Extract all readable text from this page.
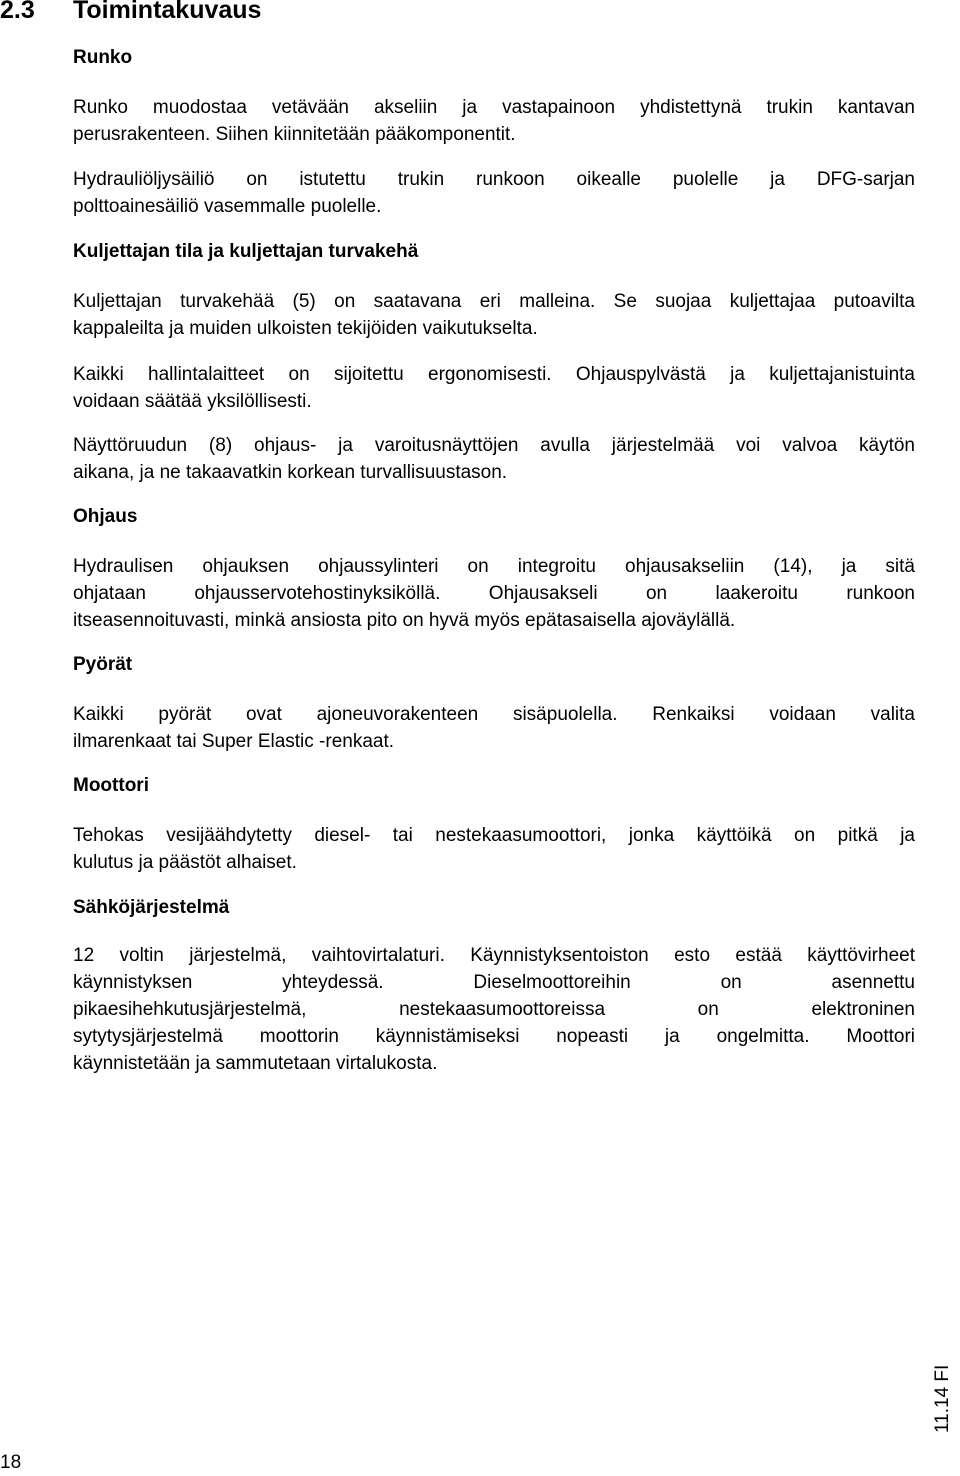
2.3 Toimintakuvaus
Runko
Runko muodostaa vetävään akseliin ja vastapainoon yhdistettynä trukin kantavan
perusrakenteen. Siihen kiinnitetään pääkomponentit.
Hydrauliöljysäiliö on istutettu trukin runkoon oikealle puolelle ja DFG-sarjan
polttoainesäiliö vasemmalle puolelle.
Kuljettajan tila ja kuljettajan turvakehä
Kuljettajan turvakehää (5) on saatavana eri malleina. Se suojaa kuljettajaa putoavilta
kappaleilta ja muiden ulkoisten tekijöiden vaikutukselta.
Kaikki hallintalaitteet on sijoitettu ergonomisesti. Ohjauspylvästä ja kuljettajanistuinta
voidaan säätää yksilöllisesti.
Näyttöruudun (8) ohjaus- ja varoitusnäyttöjen avulla järjestelmää voi valvoa käytön
aikana, ja ne takaavatkin korkean turvallisuustason.
Ohjaus
Hydraulisen ohjauksen ohjaussylinteri on integroitu ohjausakseliin (14), ja sitä
ohjataan ohjausservotehostinyksiköllä. Ohjausakseli on laakeroitu runkoon
itseasennoituvasti, minkä ansiosta pito on hyvä myös epätasaisella ajoväylällä.
Pyörät
Kaikki pyörät ovat ajoneuvorakenteen sisäpuolella. Renkaiksi voidaan valita
ilmarenkaat tai Super Elastic -renkaat.
Moottori
Tehokas vesijäähdytetty diesel- tai nestekaasumoottori, jonka käyttöikä on pitkä ja
kulutus ja päästöt alhaiset.
Sähköjärjestelmä
12 voltin järjestelmä, vaihtovirtalaturi. Käynnistyksentoiston esto estää käyttövirheet
käynnistyksen yhteydessä. Dieselmoottoreihin on asennettu
pikaesihehkutusjärjestelmä, nestekaasumoottoreissa on elektroninen
sytytysjärjestelmä moottorin käynnistämiseksi nopeasti ja ongelmitta. Moottori
käynnistetään ja sammutetaan virtalukosta.
18
11.14 FI
